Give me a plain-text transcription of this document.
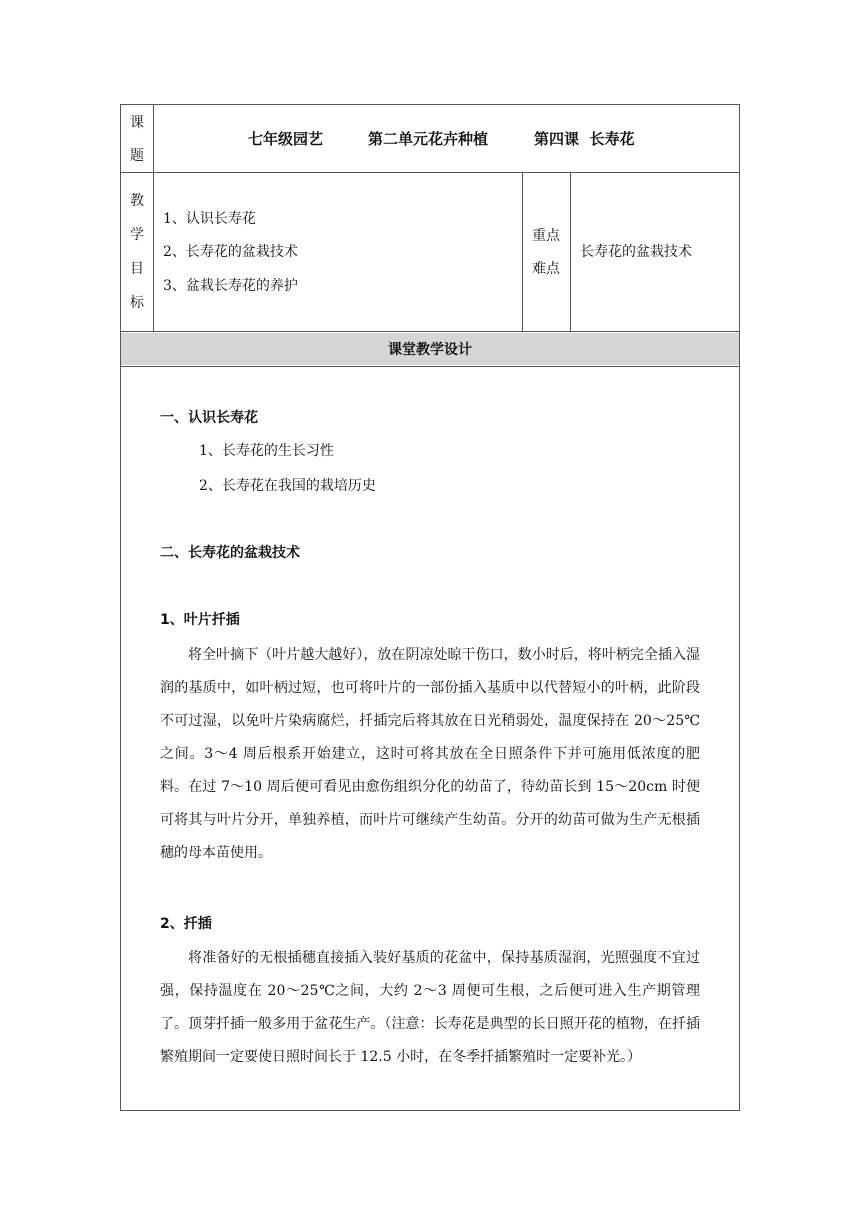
课
题
七年级园艺	第二单元花卉种植	第四课  长寿花
教
学
目
标
1、认识长寿花
2、长寿花的盆栽技术
3、盆栽长寿花的养护
重点
难点
长寿花的盆栽技术
课堂教学设计
一、认识长寿花
1、长寿花的生长习性
2、长寿花在我国的栽培历史
二、长寿花的盆栽技术
1、叶片扦插
将全叶摘下（叶片越大越好），放在阴凉处晾干伤口，数小时后，将叶柄完全插入湿润的基质中，如叶柄过短，也可将叶片的一部份插入基质中以代替短小的叶柄，此阶段不可过湿，以免叶片染病腐烂，扦插完后将其放在日光稍弱处，温度保持在 20～25℃之间。3～4 周后根系开始建立，这时可将其放在全日照条件下并可施用低浓度的肥料。在过 7～10 周后便可看见由愈伤组织分化的幼苗了，待幼苗长到 15～20cm 时便可将其与叶片分开，单独养植，而叶片可继续产生幼苗。分开的幼苗可做为生产无根插穗的母本苗使用。
2、扦插
将准备好的无根插穗直接插入装好基质的花盆中，保持基质湿润，光照强度不宜过强，保持温度在 20～25℃之间，大约 2～3 周便可生根，之后便可进入生产期管理了。顶芽扦插一般多用于盆花生产。（注意：长寿花是典型的长日照开花的植物，在扦插繁殖期间一定要使日照时间长于 12.5 小时，在冬季扦插繁殖时一定要补光。）
